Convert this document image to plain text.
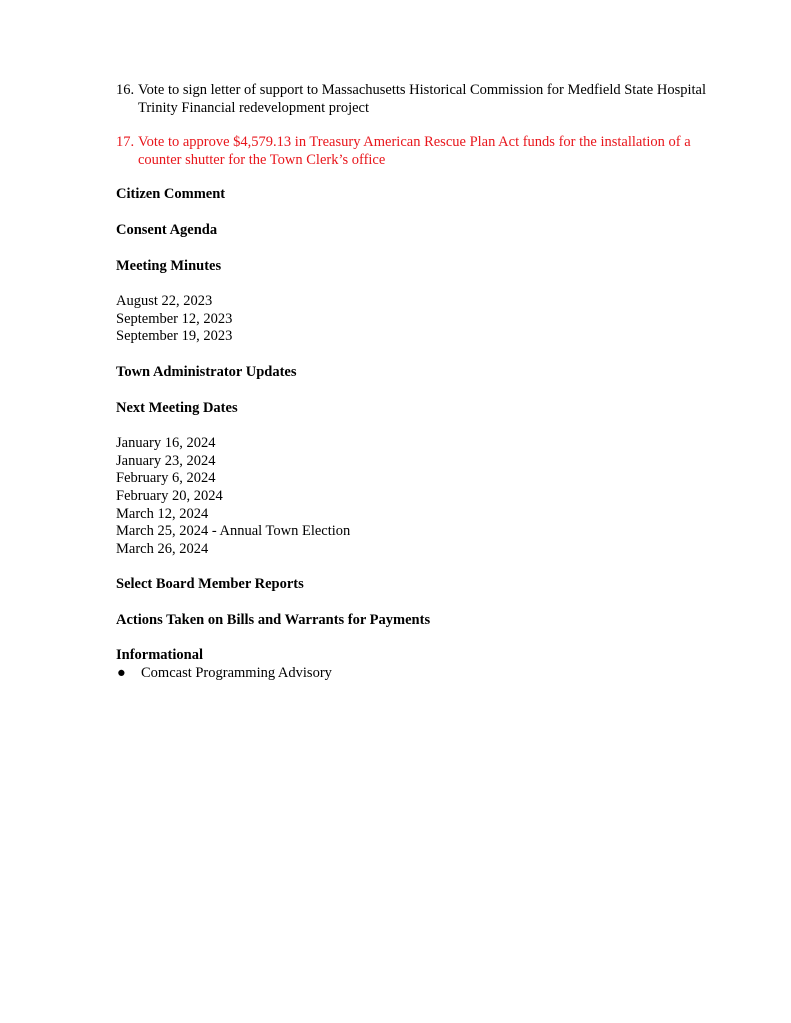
16. Vote to sign letter of support to Massachusetts Historical Commission for Medfield State Hospital Trinity Financial redevelopment project
17. Vote to approve $4,579.13 in Treasury American Rescue Plan Act funds for the installation of a counter shutter for the Town Clerk’s office
Citizen Comment
Consent Agenda
Meeting Minutes
August 22, 2023
September 12, 2023
September 19, 2023
Town Administrator Updates
Next Meeting Dates
January 16, 2024
January 23, 2024
February 6, 2024
February 20, 2024
March 12, 2024
March 25, 2024 - Annual Town Election
March 26, 2024
Select Board Member Reports
Actions Taken on Bills and Warrants for Payments
Informational
● Comcast Programming Advisory
